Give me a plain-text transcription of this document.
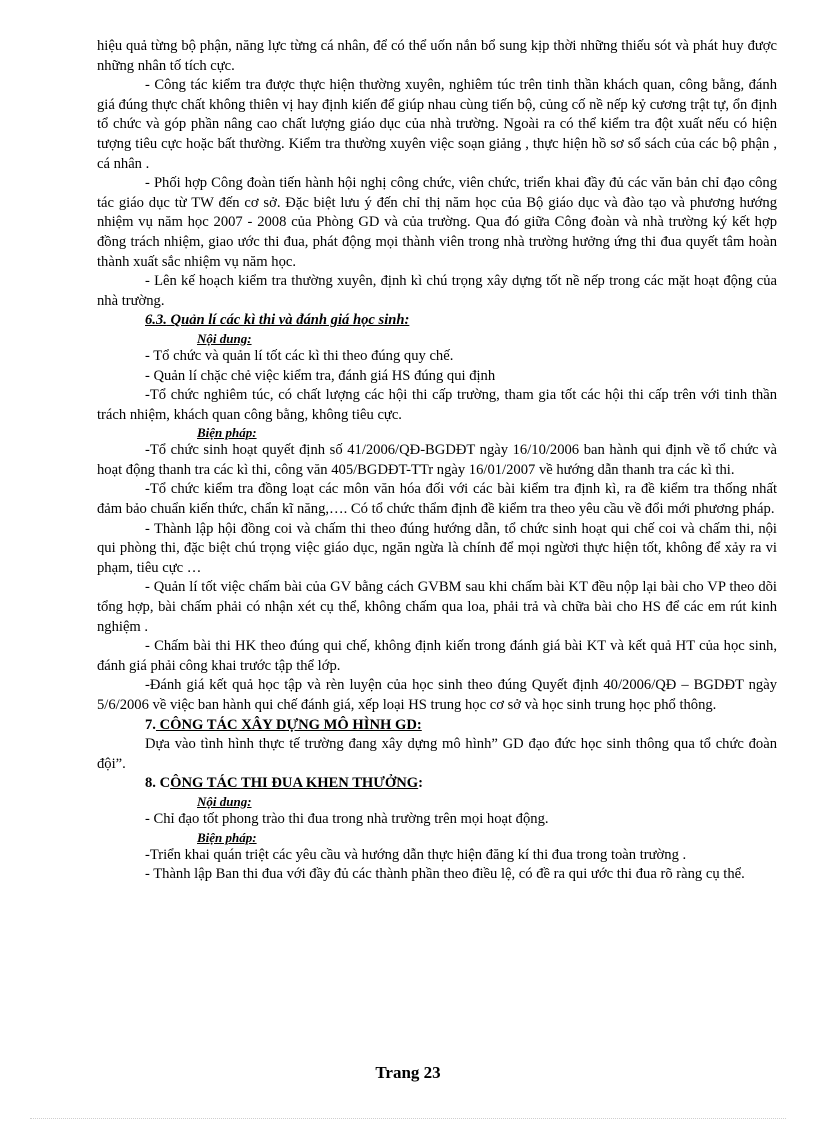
hiệu quả từng bộ phận, năng lực từng cá nhân, để có thể uốn nắn bổ sung kịp thời những thiếu sót và phát huy được những nhân tố tích cực.

- Công tác kiểm tra được thực hiện thường xuyên, nghiêm túc trên tinh thần khách quan, công bằng, đánh giá đúng thực chất không thiên vị hay định kiến để giúp nhau cùng tiến bộ, củng cố nề nếp kỷ cương trật tự, ổn định tổ chức và góp phần nâng cao chất lượng giáo dục của nhà trường. Ngoài ra có thể kiểm tra đột xuất nếu có hiện tượng tiêu cực hoặc bất thường. Kiểm tra thường xuyên việc soạn giảng , thực hiện hồ sơ sổ sách của các bộ phận , cá nhân .

- Phối hợp Công đoàn tiến hành hội nghị công chức, viên chức, triển khai đầy đủ các văn bản chỉ đạo công tác giáo dục từ TW đến cơ sở. Đặc biệt lưu ý đến chỉ thị năm học của Bộ giáo dục và đào tạo và phương hướng nhiệm vụ năm học 2007 - 2008 của Phòng GD và của trường. Qua đó giữa Công đoàn và nhà trường ký kết hợp đồng trách nhiệm, giao ước thi đua, phát động mọi thành viên trong nhà trường hưởng ứng thi đua quyết tâm hoàn thành xuất sắc nhiệm vụ năm học.

- Lên kế hoạch kiểm tra thường xuyên, định kì chú trọng xây dựng tốt nề nếp trong các mặt hoạt động của nhà trường.

6.3. Quản lí các kì thi và đánh giá học sinh:

Nội dung:

- Tổ chức và quản lí tốt các kì thi theo đúng quy chế.

- Quản lí chặc chẻ việc kiểm tra, đánh giá HS đúng qui định

-Tổ chức nghiêm túc, có chất lượng các hội thi cấp trường, tham gia tốt các hội thi cấp trên với tinh thần trách nhiệm, khách quan công bằng, không tiêu cực.

Biện pháp:

-Tổ chức sinh hoạt quyết định số 41/2006/QĐ-BGDĐT ngày 16/10/2006 ban hành qui định về tổ chức và hoạt động thanh tra các kì thi, công văn 405/BGDĐT-TTr ngày 16/01/2007 về hướng dẫn thanh tra các kì thi.

-Tổ chức kiểm tra đồng loạt các môn văn hóa đối với các bài kiểm tra định kì, ra đề kiểm tra thống nhất đảm bảo chuẩn kiến thức, chẩn kĩ năng,…. Có tổ chức thẩm định đề kiểm tra theo yêu cầu về đổi mới phương pháp.

- Thành lập hội đồng coi và chấm thi theo đúng hướng dẫn, tổ chức sinh hoạt qui chế coi và chấm thi, nội qui phòng thi, đặc biệt chú trọng việc giáo dục, ngăn ngừa là chính để mọi ngừơi thực hiện tốt, không để xảy ra vi phạm, tiêu cực …

- Quản lí tốt việc chấm bài của GV bằng cách GVBM sau khi chấm bài KT đều nộp lại bài cho VP theo dõi tổng hợp, bài chấm phải có nhận xét cụ thể, không chấm qua loa, phải trả và chữa bài cho HS để các em rút kinh nghiệm .

- Chấm bài thi HK theo đúng qui chế, không định kiến trong đánh giá bài KT và kết quả HT của học sinh, đánh giá phải công khai trước tập thể lớp.

-Đánh giá kết quả học tập và rèn luyện của học sinh theo đúng Quyết định 40/2006/QĐ – BGDĐT ngày 5/6/2006 về việc ban hành qui chế đánh giá, xếp loại HS trung học cơ sở và học sinh trung học phổ thông.

7. CÔNG TÁC XÂY DỰNG MÔ HÌNH GD:

Dựa vào tình hình thực tế trường đang xây dựng mô hình” GD đạo đức học sinh thông qua tổ chức đoàn đội”.

8. CÔNG TÁC THI ĐUA KHEN THƯỞNG:

Nội dung:

- Chỉ đạo tốt phong trào thi đua trong nhà trường trên mọi hoạt động.

Biện pháp:

-Triển khai quán triệt các yêu cầu và hướng dẫn thực hiện đăng kí thi đua trong toàn trường .

- Thành lập Ban thi đua với đầy đủ các thành phần theo điều lệ, có đề ra qui ước thi đua rõ ràng cụ thể.

Trang 23
